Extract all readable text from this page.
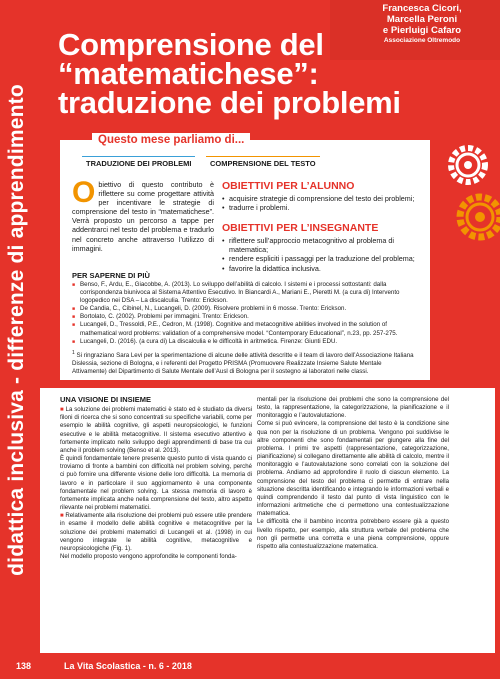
didattica inclusiva - differenze di apprendimento
Francesca Cicori,
Marcella Peroni
e Pierluigi Cafaro
Associazione Oltremodo
Comprensione del
“matematichese”:
traduzione dei problemi
Questo mese parliamo di...
TRADUZIONE DEI PROBLEMI	COMPRENSIONE DEL TESTO
Obiettivo di questo contributo è riflettere su come progettare attività per incentivare le strategie di comprensione del testo in “matematichese”. Verrà proposto un percorso a tappe per addentrarci nel testo del problema e tradurlo nel concreto anche attraverso l’utilizzo di immagini.
OBIETTIVI PER L’ALUNNO
• acquisire strategie di comprensione del testo dei problemi;
• tradurre i problemi.
OBIETTIVI PER L’INSEGNANTE
• riflettere sull’approccio metacognitivo al problema di matematica;
• rendere espliciti i passaggi per la traduzione del problema;
• favorire la didattica inclusiva.
PER SAPERNE DI PIÙ
■ Benso, F., Ardu, E., Giacobbe, A. (2013). Lo sviluppo dell’abilità di calcolo. I sistemi e i processi sottostanti: dalla corrispondenza biunivoca al Sistema Attentivo Esecutivo. In Biancardi A., Mariani E., Pieretti M. (a cura di) Intervento logopedico nei DSA – La discalculia. Trento: Erickson.
■ De Candia, C., Cibinel, N., Lucangeli, D. (2009). Risolvere problemi in 6 mosse. Trento: Erickson.
■ Bortolato, C. (2002). Problemi per immagini. Trento: Erickson.
■ Lucangeli, D., Tressoldi, P.E., Cedron, M. (1998). Cognitive and metacognitive abilities involved in the solution of mathematical word problems: validation of a comprehensive model. “Contemporary Educational”, n.23, pp. 257-275.
■ Lucangeli, D. (2016). (a cura di) La discalculia e le difficoltà in aritmetica. Firenze: Giunti EDU.
$^1$ Si ringraziano Sara Levi per la sperimentazione di alcune delle attività descritte e il team di lavoro dell’Associazione Italiana Dislessia, sezione di Bologna, e i referenti del Progetto PRISMA (Promuovere Realizzate Insieme Salute Mentale Attivamente) del Dipartimento di Salute Mentale dell’Ausl di Bologna per il sostegno ai laboratori nelle classi.
UNA VISIONE DI INSIEME

■ La soluzione dei problemi matematici è stato ed è studiato da diversi filoni di ricerca che si sono concentrati su specifiche variabili, come per esempio le abilità cognitive, gli aspetti neuropsicologici, le funzioni esecutive e le abilità metacognitive. Il sistema esecutivo attentivo è fortemente implicato nello sviluppo degli apprendimenti di base tra cui anche il problem solving (Benso et al. 2013).

È quindi fondamentale tenere presente questo punto di vista quando ci troviamo di fronte a bambini con difficoltà nel problem solving, perché ci può fornire una differente visione delle loro difficoltà. La memoria di lavoro e in particolare il suo aggiornamento è una componente fondamentale nel problem solving. La stessa memoria di lavoro è fortemente implicata anche nella comprensione del testo, altro aspetto rilevante nei problemi matematici.

■ Relativamente alla risoluzione dei problemi può essere utile prendere in esame il modello delle abilità cognitive e metacognitive per la soluzione dei problemi matematici di Lucangeli et al. (1998) in cui vengono integrate le abilità cognitive, metacognitive e neuropsicologiche (Fig. 1).

Nel modello proposto vengono approfondite le componenti fonda-

mentali per la risoluzione dei problemi che sono la comprensione del testo, la rappresentazione, la categorizzazione, la pianificazione e il monitoraggio e l’autovalutazione.

Come si può evincere, la comprensione del testo è la condizione sine qua non per la risoluzione di un problema. Vengono poi suddivise le altre componenti che sono fondamentali per giungere alla fine del problema. I primi tre aspetti (rappresentazione, categorizzazione, pianificazione) si collegano direttamente alle abilità di calcolo, mentre il monitoraggio e l’autovalutazione sono correlati con la soluzione del problema. Andiamo ad approfondire il ruolo di ciascun elemento. La comprensione del testo del problema ci permette di entrare nella situazione descritta identificando e integrando le informazioni verbali e quindi comprendendo il testo dal punto di vista linguistico con le informazioni aritmetiche che ci permettono una contestualizzazione matematica.

Le difficoltà che il bambino incontra potrebbero essere già a questo livello rispetto, per esempio, alla struttura verbale del problema che non gli permette una corretta e una piena comprensione, oppure rispetto alla contestualizzazione matematica.

138	La Vita Scolastica - n. 6 - 2018
